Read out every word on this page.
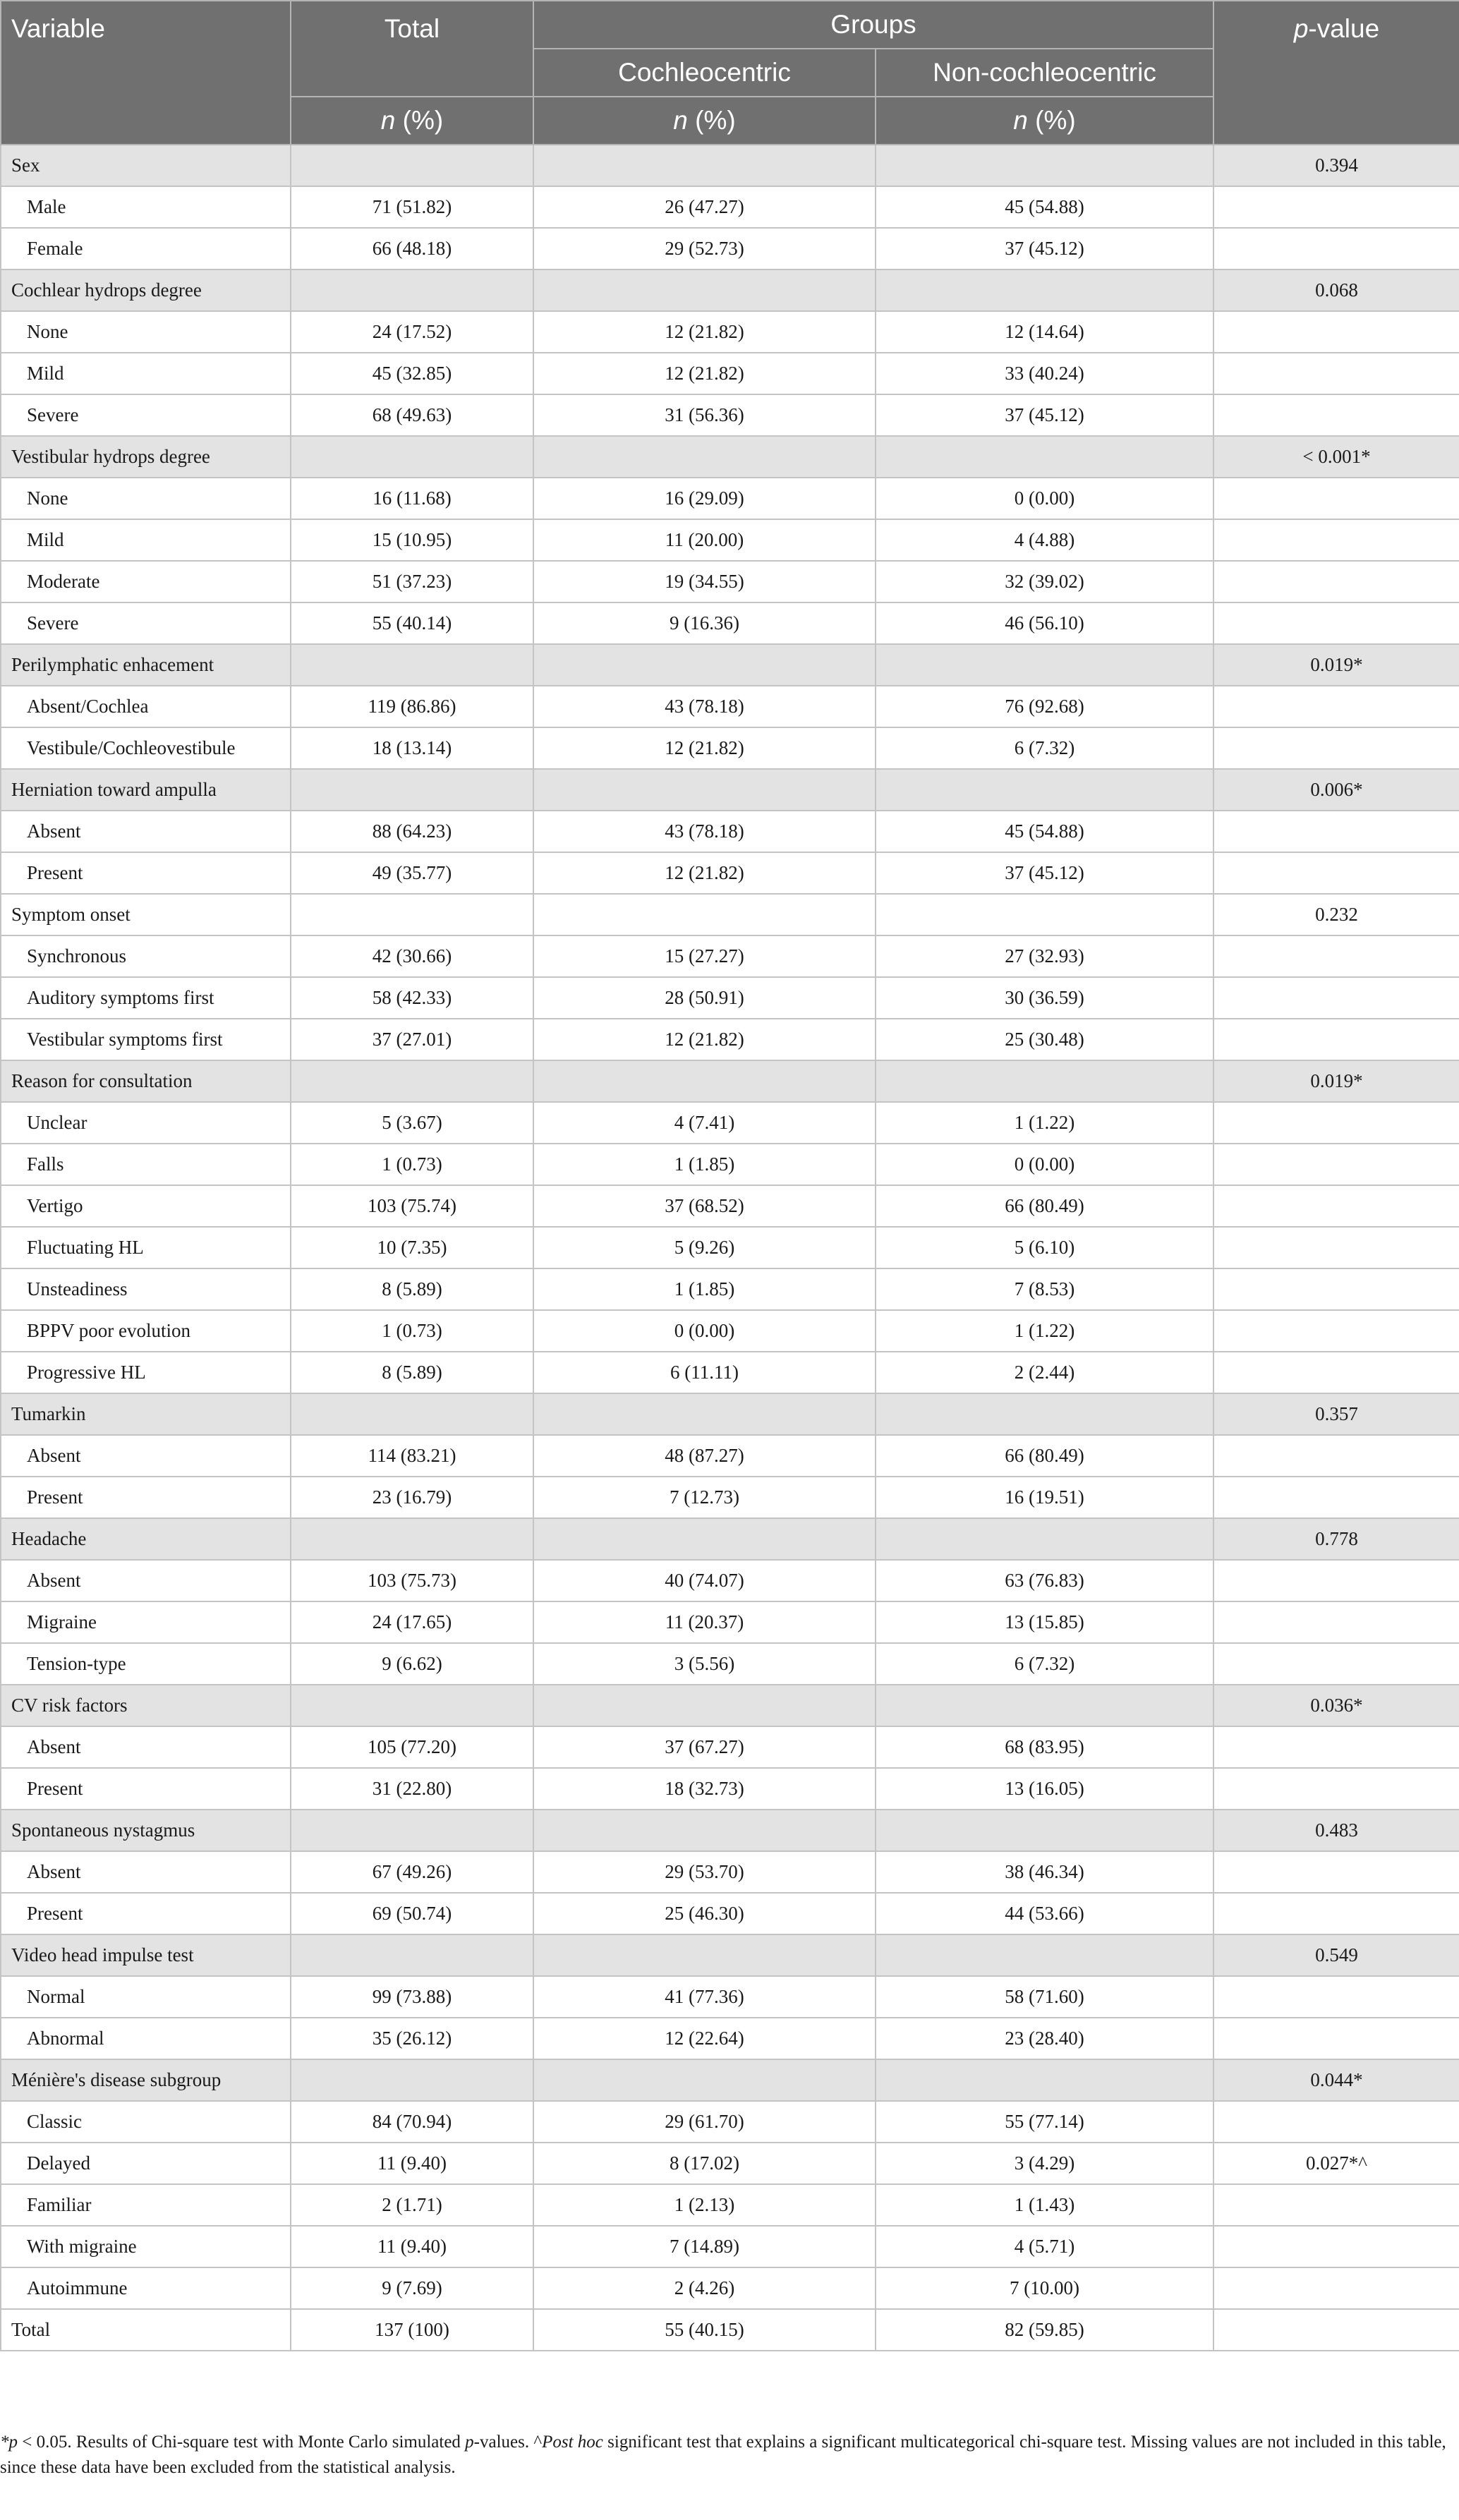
Variable	Total	Groups		p-value
		Cochleocentric	Non-cochleocentric	
	n (%)	n (%)	n (%)	
Sex				0.394
Male	71 (51.82)	26 (47.27)	45 (54.88)	
Female	66 (48.18)	29 (52.73)	37 (45.12)	
Cochlear hydrops degree				0.068
None	24 (17.52)	12 (21.82)	12 (14.64)	
Mild	45 (32.85)	12 (21.82)	33 (40.24)	
Severe	68 (49.63)	31 (56.36)	37 (45.12)	
Vestibular hydrops degree				< 0.001*
None	16 (11.68)	16 (29.09)	0 (0.00)	
Mild	15 (10.95)	11 (20.00)	4 (4.88)	
Moderate	51 (37.23)	19 (34.55)	32 (39.02)	
Severe	55 (40.14)	9 (16.36)	46 (56.10)	
Perilymphatic enhacement				0.019*
Absent/Cochlea	119 (86.86)	43 (78.18)	76 (92.68)	
Vestibule/Cochleovestibule	18 (13.14)	12 (21.82)	6 (7.32)	
Herniation toward ampulla				0.006*
Absent	88 (64.23)	43 (78.18)	45 (54.88)	
Present	49 (35.77)	12 (21.82)	37 (45.12)	
Symptom onset				0.232
Synchronous	42 (30.66)	15 (27.27)	27 (32.93)	
Auditory symptoms first	58 (42.33)	28 (50.91)	30 (36.59)	
Vestibular symptoms first	37 (27.01)	12 (21.82)	25 (30.48)	
Reason for consultation				0.019*
Unclear	5 (3.67)	4 (7.41)	1 (1.22)	
Falls	1 (0.73)	1 (1.85)	0 (0.00)	
Vertigo	103 (75.74)	37 (68.52)	66 (80.49)	
Fluctuating HL	10 (7.35)	5 (9.26)	5 (6.10)	
Unsteadiness	8 (5.89)	1 (1.85)	7 (8.53)	
BPPV poor evolution	1 (0.73)	0 (0.00)	1 (1.22)	
Progressive HL	8 (5.89)	6 (11.11)	2 (2.44)	
Tumarkin				0.357
Absent	114 (83.21)	48 (87.27)	66 (80.49)	
Present	23 (16.79)	7 (12.73)	16 (19.51)	
Headache				0.778
Absent	103 (75.73)	40 (74.07)	63 (76.83)	
Migraine	24 (17.65)	11 (20.37)	13 (15.85)	
Tension-type	9 (6.62)	3 (5.56)	6 (7.32)	
CV risk factors				0.036*
Absent	105 (77.20)	37 (67.27)	68 (83.95)	
Present	31 (22.80)	18 (32.73)	13 (16.05)	
Spontaneous nystagmus				0.483
Absent	67 (49.26)	29 (53.70)	38 (46.34)	
Present	69 (50.74)	25 (46.30)	44 (53.66)	
Video head impulse test				0.549
Normal	99 (73.88)	41 (77.36)	58 (71.60)	
Abnormal	35 (26.12)	12 (22.64)	23 (28.40)	
Ménière's disease subgroup				0.044*
Classic	84 (70.94)	29 (61.70)	55 (77.14)	
Delayed	11 (9.40)	8 (17.02)	3 (4.29)	0.027*^
Familiar	2 (1.71)	1 (2.13)	1 (1.43)	
With migraine	11 (9.40)	7 (14.89)	4 (5.71)	
Autoimmune	9 (7.69)	2 (4.26)	7 (10.00)	
Total	137 (100)	55 (40.15)	82 (59.85)	
*p < 0.05. Results of Chi-square test with Monte Carlo simulated p-values. ^Post hoc significant test that explains a significant multicategorical chi-square test. Missing values are not included in this table, since these data have been excluded from the statistical analysis.
